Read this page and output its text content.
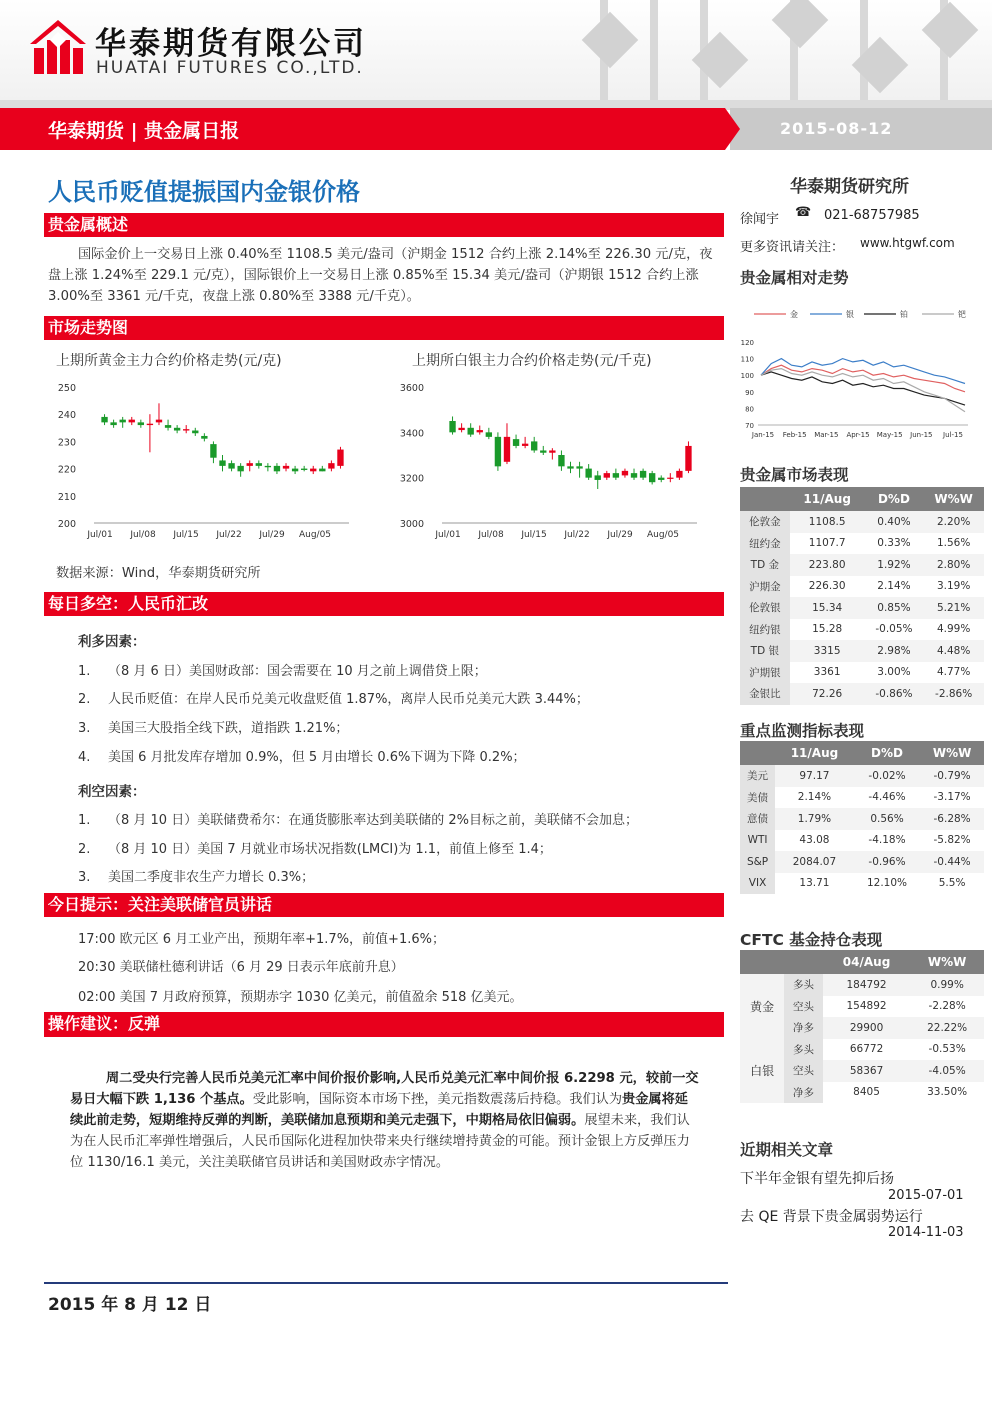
华泰期货有限公司
HUATAI FUTURES CO.,LTD.
华泰期货 | 贵金属日报	2015-08-12
人民币贬值提振国内金银价格
贵金属概述
国际金价上一交易日上涨 0.40%至 1108.5 美元/盎司（沪期金 1512 合约上涨 2.14%至 226.30 元/克，夜盘上涨 1.24%至 229.1 元/克），国际银价上一交易日上涨 0.85%至 15.34 美元/盎司（沪期银 1512 合约上涨 3.00%至 3361 元/千克，夜盘上涨 0.80%至 3388 元/千克）。
市场走势图
上期所黄金主力合约价格走势(元/克)
250
240
230
220
210
200
Jul/01 Jul/08 Jul/15 Jul/22 Jul/29 Aug/05
上期所白银主力合约价格走势(元/千克)
3600
3400
3200
3000
Jul/01 Jul/08 Jul/15 Jul/22 Jul/29 Aug/05
数据来源：Wind，华泰期货研究所
每日多空：人民币汇改
利多因素：
1. （8 月 6 日）美国财政部：国会需要在 10 月之前上调借贷上限；
2. 人民币贬值：在岸人民币兑美元收盘贬值 1.87%，离岸人民币兑美元大跌 3.44%；
3. 美国三大股指全线下跌，道指跌 1.21%；
4. 美国 6 月批发库存增加 0.9%，但 5 月由增长 0.6%下调为下降 0.2%；
利空因素：
1. （8 月 10 日）美联储费希尔：在通货膨胀率达到美联储的 2%目标之前，美联储不会加息；
2. （8 月 10 日）美国 7 月就业市场状况指数(LMCI)为 1.1，前值上修至 1.4；
3. 美国二季度非农生产力增长 0.3%；
今日提示：关注美联储官员讲话
17:00 欧元区 6 月工业产出，预期年率+1.7%，前值+1.6%；
20:30 美联储杜德利讲话（6 月 29 日表示年底前升息）
02:00 美国 7 月政府预算，预期赤字 1030 亿美元，前值盈余 518 亿美元。
操作建议：反弹
周二受央行完善人民币兑美元汇率中间价报价影响,人民币兑美元汇率中间价报 6.2298 元，较前一交易日大幅下跌 1,136 个基点。受此影响，国际资本市场下挫，美元指数震荡后持稳。我们认为贵金属将延续此前走势，短期维持反弹的判断，美联储加息预期和美元走强下，中期格局依旧偏弱。展望未来，我们认为在人民币汇率弹性增强后，人民币国际化进程加快带来央行继续增持黄金的可能。预计金银上方反弹压力位 1130/16.1 美元，关注美联储官员讲话和美国财政赤字情况。
2015 年 8 月 12 日
华泰期货研究所
徐闻宇 ☎ 021-68757985
更多资讯请关注： www.htgwf.com
贵金属相对走势
金	银	铂	钯
120
110
100
90
80
70
Jan-15 Feb-15 Mar-15 Apr-15 May-15 Jun-15 Jul-15
贵金属市场表现
	11/Aug	D%D	W%W
伦敦金	1108.5	0.40%	2.20%
纽约金	1107.7	0.33%	1.56%
TD 金	223.80	1.92%	2.80%
沪期金	226.30	2.14%	3.19%
伦敦银	15.34	0.85%	5.21%
纽约银	15.28	-0.05%	4.99%
TD 银	3315	2.98%	4.48%
沪期银	3361	3.00%	4.77%
金银比	72.26	-0.86%	-2.86%
重点监测指标表现
	11/Aug	D%D	W%W
美元	97.17	-0.02%	-0.79%
美债	2.14%	-4.46%	-3.17%
意债	1.79%	0.56%	-6.28%
WTI	43.08	-4.18%	-5.82%
S&P	2084.07	-0.96%	-0.44%
VIX	13.71	12.10%	5.5%
CFTC 基金持仓表现
		04/Aug	W%W
黄金	多头	184792	0.99%
	空头	154892	-2.28%
	净多	29900	22.22%
白银	多头	66772	-0.53%
	空头	58367	-4.05%
	净多	8405	33.50%
近期相关文章
下半年金银有望先抑后扬
2015-07-01
去 QE 背景下贵金属弱势运行
2014-11-03
